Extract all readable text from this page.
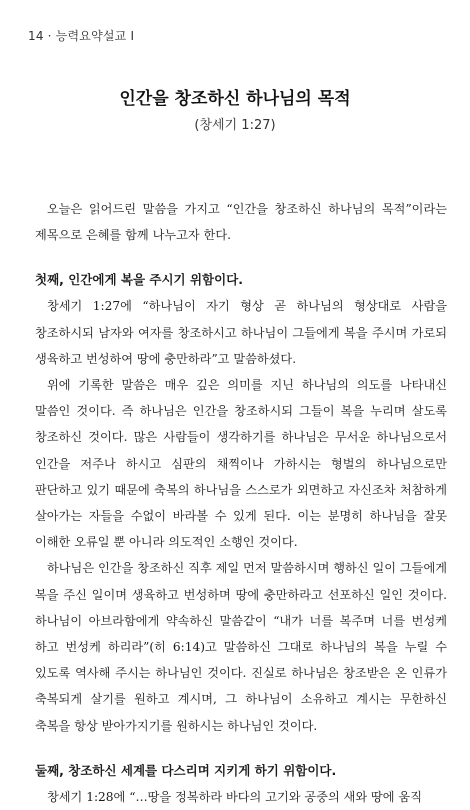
14 · 능력요약설교 Ⅰ
인간을 창조하신 하나님의 목적
(창세기 1:27)

오늘은 읽어드린 말씀을 가지고 “인간을 창조하신 하나님의 목적”이라는 제목으로 은혜를 함께 나누고자 한다.

첫째, 인간에게 복을 주시기 위함이다.

창세기 1:27에 “하나님이 자기 형상 곧 하나님의 형상대로 사람을 창조하시되 남자와 여자를 창조하시고 하나님이 그들에게 복을 주시며 가로되 생육하고 번성하여 땅에 충만하라”고 말씀하셨다.

위에 기록한 말씀은 매우 깊은 의미를 지닌 하나님의 의도를 나타내신 말씀인 것이다. 즉 하나님은 인간을 창조하시되 그들이 복을 누리며 살도록 창조하신 것이다. 많은 사람들이 생각하기를 하나님은 무서운 하나님으로서 인간을 저주나 하시고 심판의 채찍이나 가하시는 형벌의 하나님으로만 판단하고 있기 때문에 축복의 하나님을 스스로가 외면하고 자신조차 처참하게 살아가는 자들을 수없이 바라볼 수 있게 된다. 이는 분명히 하나님을 잘못 이해한 오류일 뿐 아니라 의도적인 소행인 것이다.

하나님은 인간을 창조하신 직후 제일 먼저 말씀하시며 행하신 일이 그들에게 복을 주신 일이며 생육하고 번성하며 땅에 충만하라고 선포하신 일인 것이다. 하나님이 아브라함에게 약속하신 말씀같이 “내가 너를 복주며 너를 번성케 하고 번성케 하리라”(히 6:14)고 말씀하신 그대로 하나님의 복을 누릴 수 있도록 역사해 주시는 하나님인 것이다. 진실로 하나님은 창조받은 온 인류가 축복되게 살기를 원하고 계시며, 그 하나님이 소유하고 계시는 무한하신 축복을 항상 받아가지기를 원하시는 하나님인 것이다.

둘째, 창조하신 세계를 다스리며 지키게 하기 위함이다.

창세기 1:28에 “…땅을 정복하라 바다의 고기와 공중의 새와 땅에 움직
